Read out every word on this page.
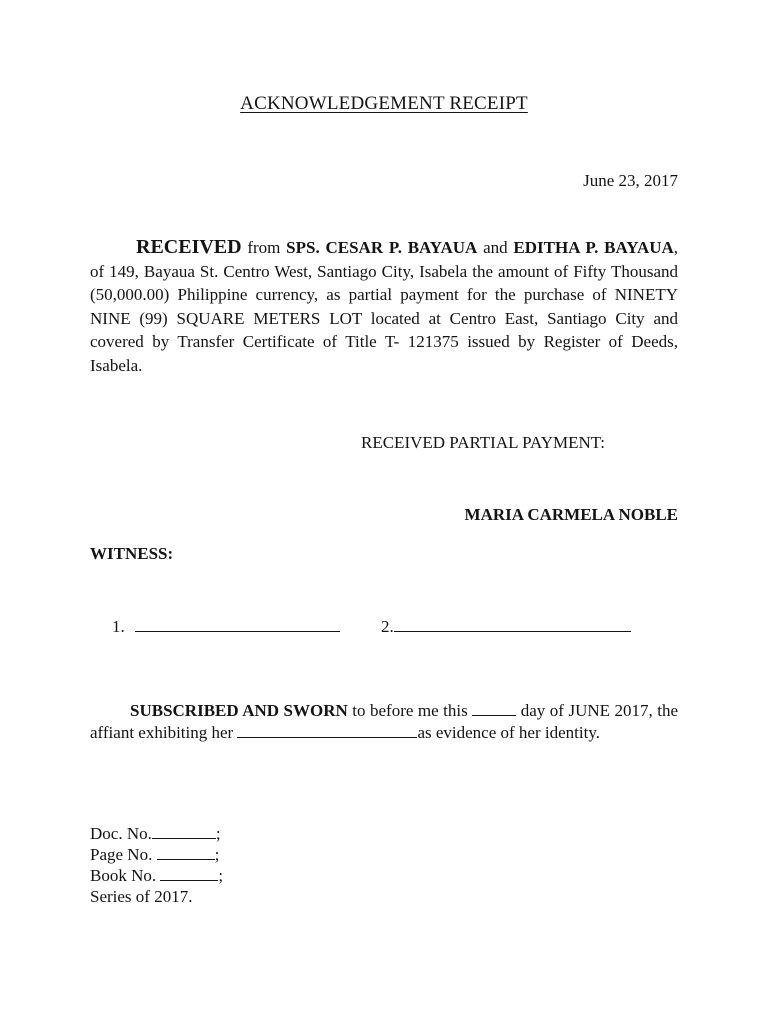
ACKNOWLEDGEMENT RECEIPT

June 23, 2017

RECEIVED from SPS. CESAR P. BAYAUA and EDITHA P. BAYAUA, of 149, Bayaua St. Centro West, Santiago City, Isabela the amount of Fifty Thousand (50,000.00) Philippine currency, as partial payment for the purchase of NINETY NINE (99) SQUARE METERS LOT located at Centro East, Santiago City and covered by Transfer Certificate of Title T- 121375 issued by Register of Deeds, Isabela.

RECEIVED PARTIAL PAYMENT:

MARIA CARMELA NOBLE

WITNESS:

1.	2.

SUBSCRIBED AND SWORN to before me this	day of JUNE 2017, the affiant exhibiting her	as evidence of her identity.

Doc. No.	;
Page No.	;
Book No.	;
Series of 2017.
